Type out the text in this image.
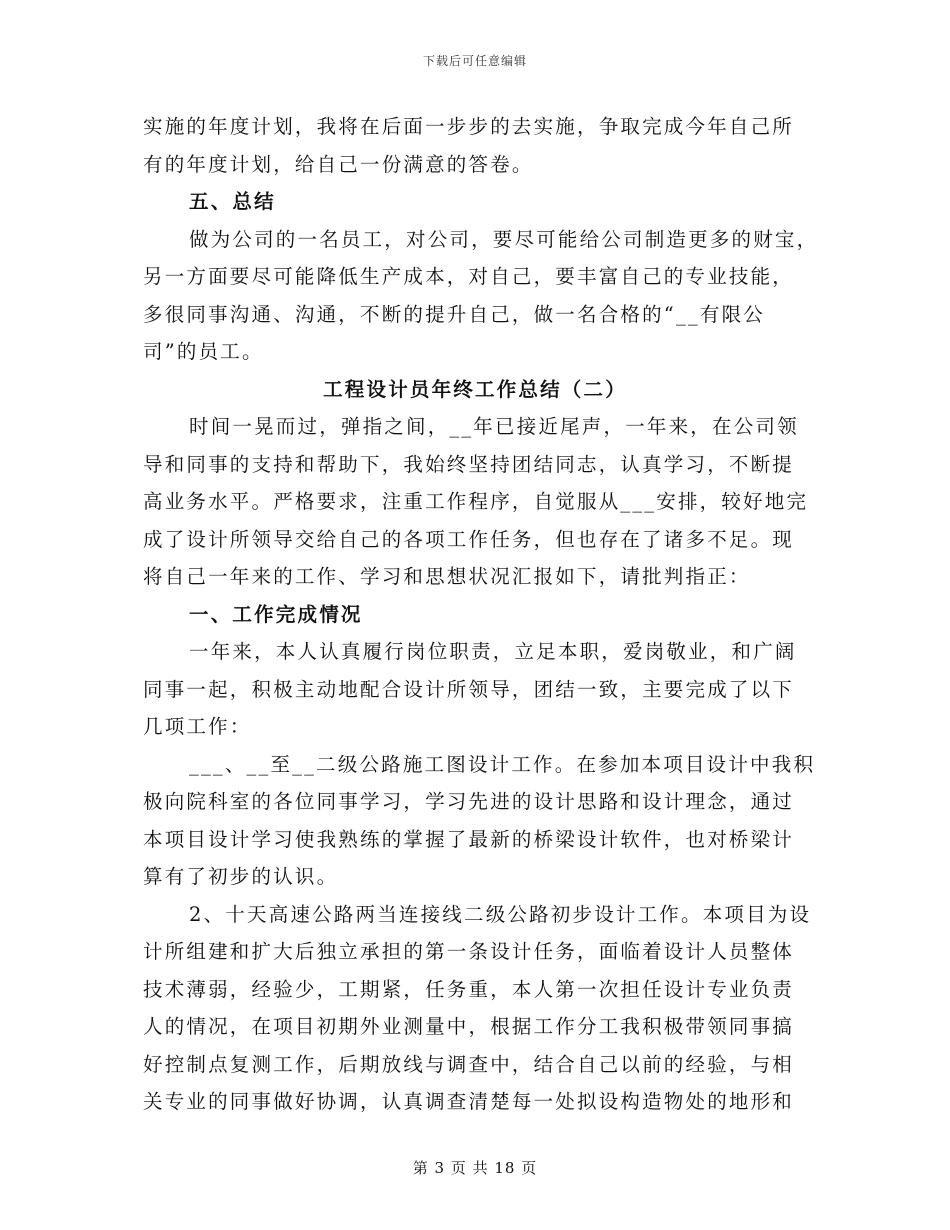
下载后可任意编辑
实施的年度计划，我将在后面一步步的去实施，争取完成今年自己所
有的年度计划，给自己一份满意的答卷。
五、总结
做为公司的一名员工，对公司，要尽可能给公司制造更多的财宝，
另一方面要尽可能降低生产成本，对自己，要丰富自己的专业技能，
多很同事沟通、沟通，不断的提升自己，做一名合格的“__有限公
司”的员工。
工程设计员年终工作总结（二）
时间一晃而过，弹指之间，__年已接近尾声，一年来，在公司领
导和同事的支持和帮助下，我始终坚持团结同志，认真学习，不断提
高业务水平。严格要求，注重工作程序，自觉服从___安排，较好地完
成了设计所领导交给自己的各项工作任务，但也存在了诸多不足。现
将自己一年来的工作、学习和思想状况汇报如下，请批判指正：
一、工作完成情况
一年来，本人认真履行岗位职责，立足本职，爱岗敬业，和广阔
同事一起，积极主动地配合设计所领导，团结一致，主要完成了以下
几项工作：
___、__至__二级公路施工图设计工作。在参加本项目设计中我积
极向院科室的各位同事学习，学习先进的设计思路和设计理念，通过
本项目设计学习使我熟练的掌握了最新的桥梁设计软件，也对桥梁计
算有了初步的认识。
2、十天高速公路两当连接线二级公路初步设计工作。本项目为设
计所组建和扩大后独立承担的第一条设计任务，面临着设计人员整体
技术薄弱，经验少，工期紧，任务重，本人第一次担任设计专业负责
人的情况，在项目初期外业测量中，根据工作分工我积极带领同事搞
好控制点复测工作，后期放线与调查中，结合自己以前的经验，与相
关专业的同事做好协调，认真调查清楚每一处拟设构造物处的地形和
第 3 页 共 18 页
